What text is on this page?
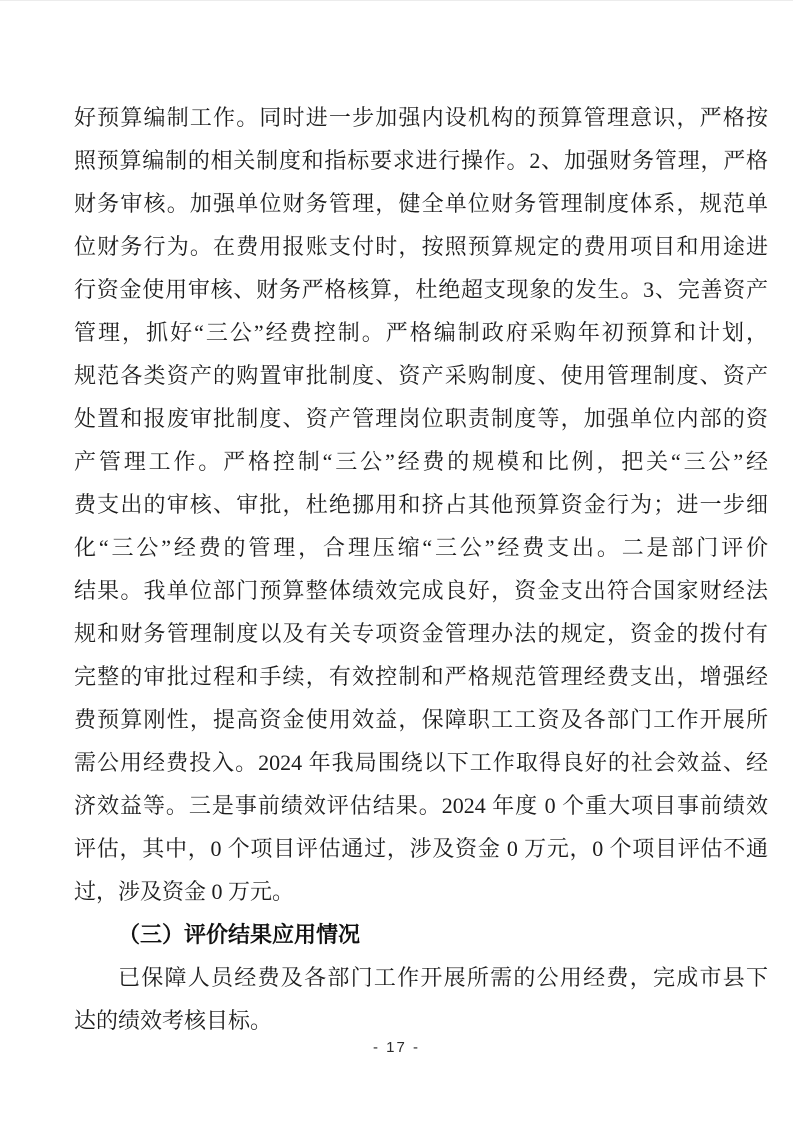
好预算编制工作。同时进一步加强内设机构的预算管理意识，严格按
照预算编制的相关制度和指标要求进行操作。2、加强财务管理，严格
财务审核。加强单位财务管理，健全单位财务管理制度体系，规范单
位财务行为。在费用报账支付时，按照预算规定的费用项目和用途进
行资金使用审核、财务严格核算，杜绝超支现象的发生。3、完善资产
管理，抓好“三公”经费控制。严格编制政府采购年初预算和计划，
规范各类资产的购置审批制度、资产采购制度、使用管理制度、资产
处置和报废审批制度、资产管理岗位职责制度等，加强单位内部的资
产管理工作。严格控制“三公”经费的规模和比例，把关“三公”经
费支出的审核、审批，杜绝挪用和挤占其他预算资金行为；进一步细
化“三公”经费的管理，合理压缩“三公”经费支出。二是部门评价
结果。我单位部门预算整体绩效完成良好，资金支出符合国家财经法
规和财务管理制度以及有关专项资金管理办法的规定，资金的拨付有
完整的审批过程和手续，有效控制和严格规范管理经费支出，增强经
费预算刚性，提高资金使用效益，保障职工工资及各部门工作开展所
需公用经费投入。2024 年我局围绕以下工作取得良好的社会效益、经
济效益等。三是事前绩效评估结果。2024 年度 0 个重大项目事前绩效
评估，其中，0 个项目评估通过，涉及资金 0 万元，0 个项目评估不通
过，涉及资金 0 万元。
（三）评价结果应用情况
已保障人员经费及各部门工作开展所需的公用经费，完成市县下
达的绩效考核目标。
- 17 -
